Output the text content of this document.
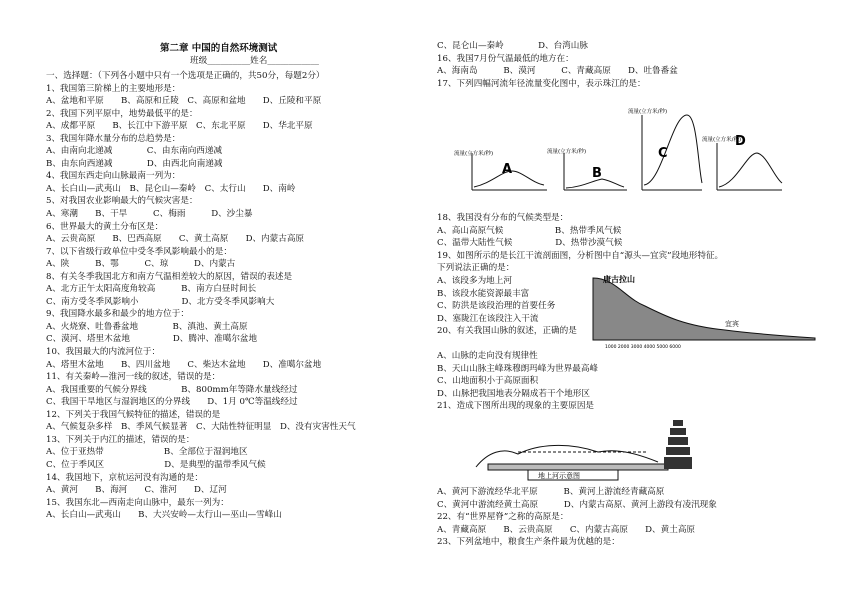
第二章 中国的自然环境测试
班级__________姓名____________
一、选择题：（下列各小题中只有一个选项是正确的，共50分，每题2分）
1、我国第三阶梯上的主要地形是：
A、盆地和平原　　B、高原和丘陵　C、高原和盆地　　D、丘陵和平原
2、我国下列平原中，地势最低平的是：
A、成都平原　　B、长江中下游平原　C、东北平原　　D、华北平原
3、我国年降水量分布的总趋势是：
A、由南向北递减　　　　C、由东南向西递减
B、由东向西递减　　　　D、由西北向南递减
4、我国东西走向山脉最南一列为：
A、长白山—武夷山　B、昆仑山—秦岭　C、太行山　　D、南岭
5、对我国农业影响最大的气候灾害是：
A、寒潮　　B、干旱　　　C、梅雨　　　D、沙尘暴
6、世界最大的黄土分布区是：
A、云贵高原　　B、巴西高原　　C、黄土高原　　D、内蒙古高原
7、以下省级行政单位中受冬季风影响最小的是：
A、陕　　　B、鄂　　　C、琼　　　D、内蒙古
8、有关冬季我国北方和南方气温相差较大的原因，错误的表述是
A、北方正午太阳高度角较高　　　B、南方白昼时间长
C、南方受冬季风影响小　　　　　D、北方受冬季风影响大
9、我国降水最多和最少的地方位于：
A、火烧寮、吐鲁番盆地　　　　B、滇池、黄土高原
C、漠河、塔里木盆地　　　　　D、腾冲、准噶尔盆地
10、我国最大的内流河位于：
A、塔里木盆地　　B、四川盆地　　C、柴达木盆地　　D、准噶尔盆地
11、有关秦岭—淮河一线的叙述，错误的是：
A、我国重要的气候分界线　　　　B、800mm年等降水量线经过
C、我国干旱地区与湿润地区的分界线　　D、1月 0℃等温线经过
12、下列关于我国气候特征的描述，错误的是
A、气候复杂多样　B、季风气候显著　C、大陆性特征明显　D、没有灾害性天气
13、下列关于内江的描述，错误的是：
A、位于亚热带　　　　　　　B、全部位于湿润地区
C、位于季风区　　　　　　　D、是典型的温带季风气候
14、我国地下，京杭运河没有沟通的是：
A、黄河　　B、海河　　C、淮河　　D、辽河
15、我国东北—西南走向山脉中，最东一列为：
A、长白山—武夷山　　B、大兴安岭—太行山—巫山—雪峰山
C、昆仑山—秦岭　　　　D、台湾山脉
16、我国7月份气温最低的地方在：
A、海南岛　　　B、漠河　　　C、青藏高原　　D、吐鲁番盆
17、下列四幅河流年径流量变化图中，表示珠江的是：
A	B
C
D
流量(立方米/秒)	流量(立方米/秒)
流量(立方米/秒)
流量(立方米/秒)
18、我国没有分布的气候类型是：
A、高山高原气候　　　　　　B、热带季风气候
C、温带大陆性气候　　　　　D、热带沙漠气候
19、如图所示的是长江干流剖面图，分析图中自“源头—宜宾”段地形特征。
下列说法正确的是：
A、该段多为地上河
B、该段水能资源最丰富
C、防洪是该段治理的首要任务
D、塞陇江在该段注入干流
20、有关我国山脉的叙述，正确的是
唐古拉山
宜宾
1000 2000 3000 4000 5000 6000
A、山脉的走向没有规律性
B、天山山脉主峰珠穆朗玛峰为世界最高峰
C、山地面积小于高原面积
D、山脉把我国地表分隔成若干个地形区
21、造成下图所出现的现象的主要原因是
地上河示意图
A、黄河下游流经华北平原　　　B、黄河上游流经青藏高原
C、黄河中游流经黄土高原　　　D、内蒙古高原、黄河上游段有凌汛现象
22、有“世界屋脊”之称的高原是：
A、青藏高原　　B、云贵高原　　C、内蒙古高原　　D、黄土高原
23、下列盆地中，粮食生产条件最为优越的是：
